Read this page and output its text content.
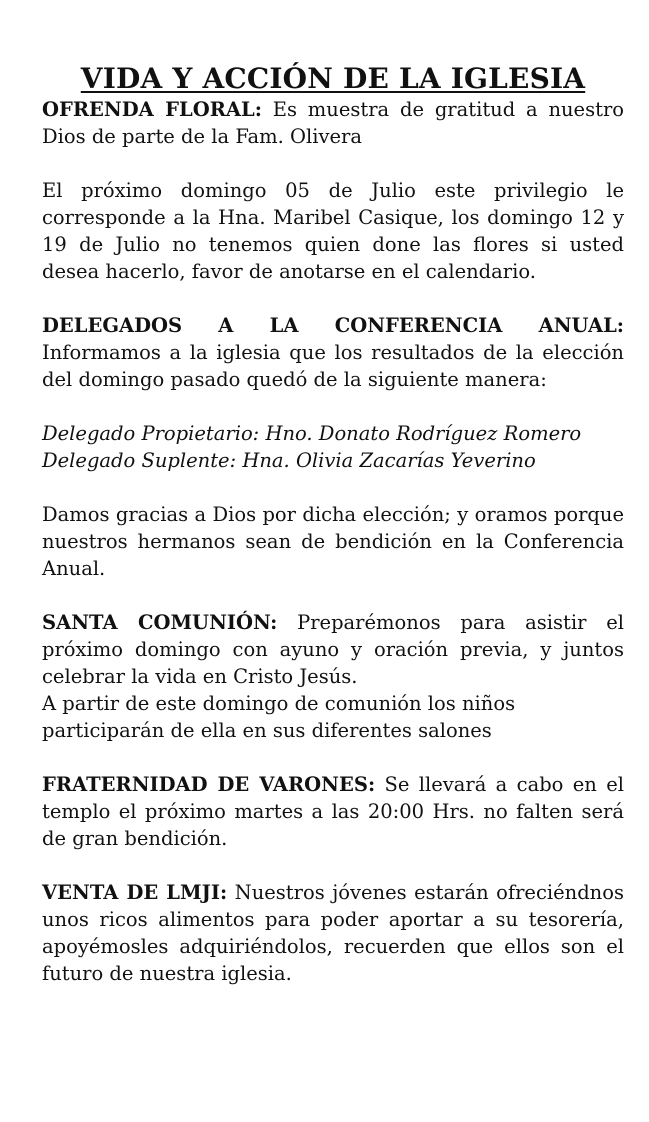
VIDA Y ACCIÓN DE LA IGLESIA

OFRENDA FLORAL: Es muestra de gratitud a nuestro Dios de parte de la Fam. Olivera

El próximo domingo 05 de Julio este privilegio le corresponde a la Hna. Maribel Casique, los domingo 12 y 19 de Julio no tenemos quien done las flores si usted desea hacerlo, favor de anotarse en el calendario.

DELEGADOS A LA CONFERENCIA ANUAL: Informamos a la iglesia que los resultados de la elección del domingo pasado quedó de la siguiente manera:

Delegado Propietario: Hno. Donato Rodríguez Romero

Delegado Suplente: Hna. Olivia Zacarías Yeverino

Damos gracias a Dios por dicha elección; y oramos porque nuestros hermanos sean de bendición en la Conferencia Anual.

SANTA COMUNIÓN: Preparémonos para asistir el próximo domingo con ayuno y oración previa, y juntos celebrar la vida en Cristo Jesús.

A partir de este domingo de comunión los niños participarán de ella en sus diferentes salones

FRATERNIDAD DE VARONES: Se llevará a cabo en el templo el próximo martes a las 20:00 Hrs. no falten será de gran bendición.

VENTA DE LMJI: Nuestros jóvenes estarán ofreciéndnos unos ricos alimentos para poder aportar a su tesorería, apoyémosles adquiriéndolos, recuerden que ellos son el futuro de nuestra iglesia.
